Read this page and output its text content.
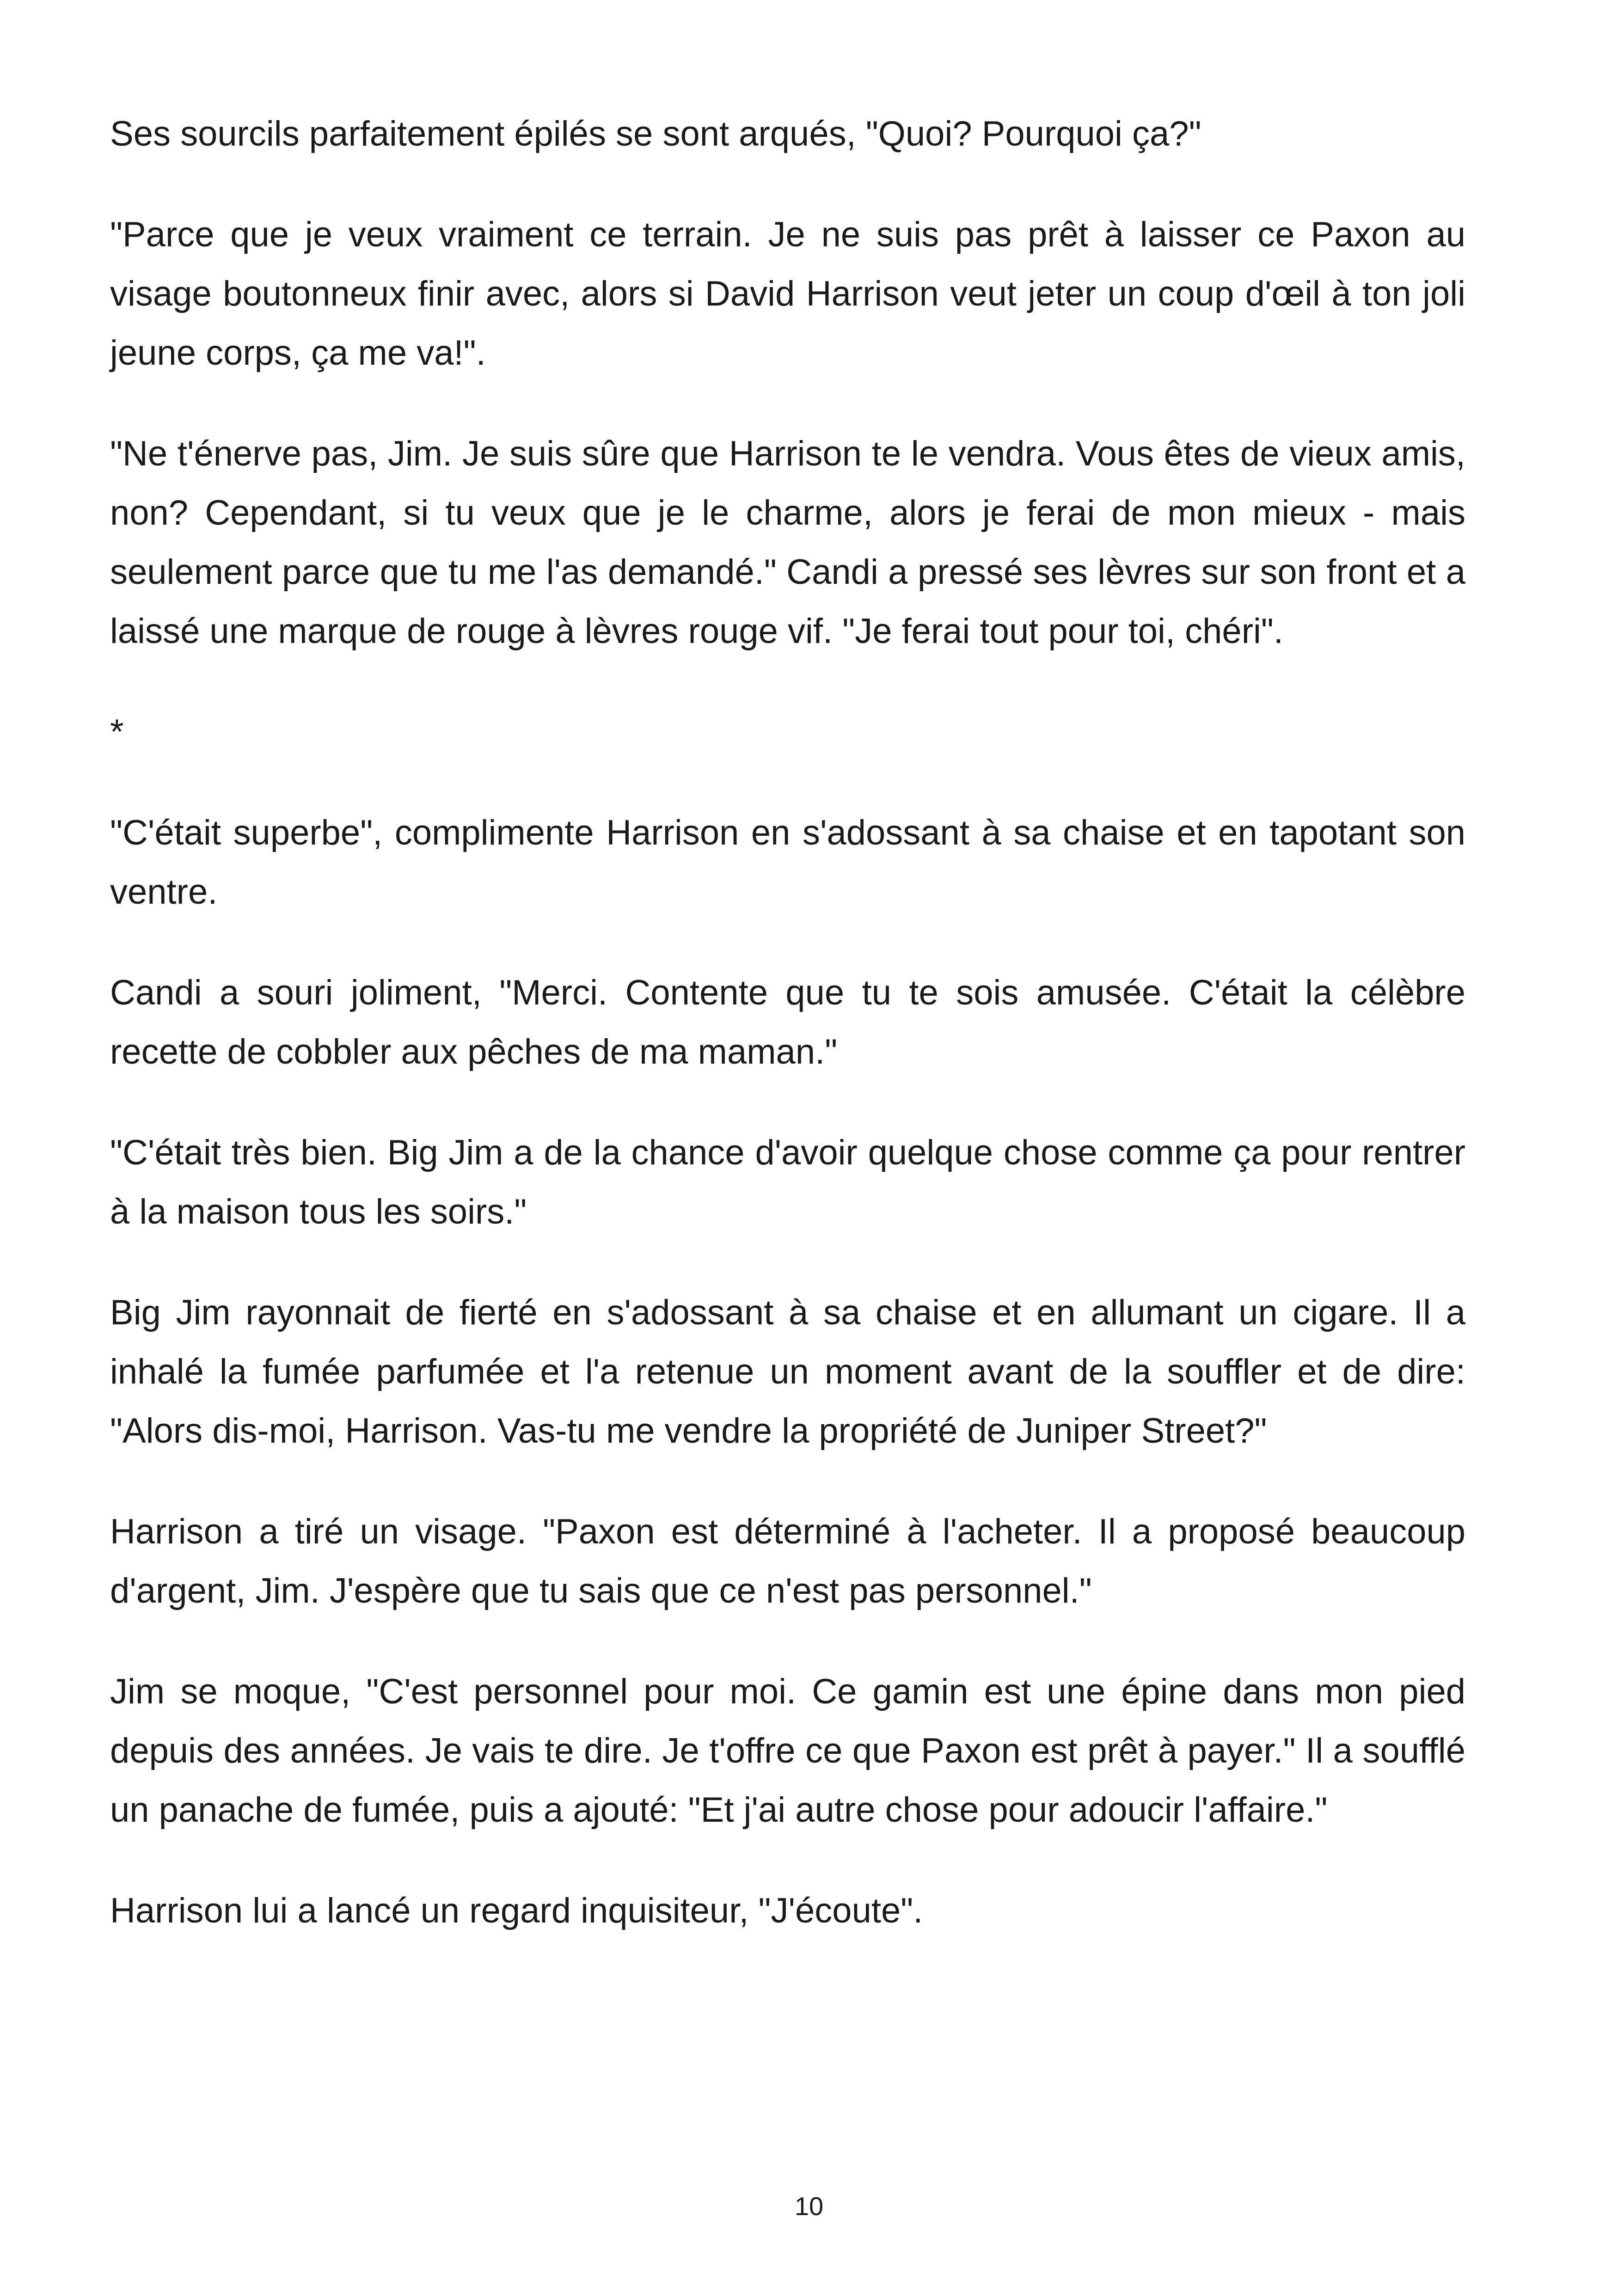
Ses sourcils parfaitement épilés se sont arqués, "Quoi? Pourquoi ça?"

"Parce que je veux vraiment ce terrain. Je ne suis pas prêt à laisser ce Paxon au visage boutonneux finir avec, alors si David Harrison veut jeter un coup d'œil à ton joli jeune corps, ça me va!".

"Ne t'énerve pas, Jim. Je suis sûre que Harrison te le vendra. Vous êtes de vieux amis, non? Cependant, si tu veux que je le charme, alors je ferai de mon mieux - mais seulement parce que tu me l'as demandé." Candi a pressé ses lèvres sur son front et a laissé une marque de rouge à lèvres rouge vif. "Je ferai tout pour toi, chéri".

*

"C'était superbe", complimente Harrison en s'adossant à sa chaise et en tapotant son ventre.

Candi a souri joliment, "Merci. Contente que tu te sois amusée. C'était la célèbre recette de cobbler aux pêches de ma maman."

"C'était très bien. Big Jim a de la chance d'avoir quelque chose comme ça pour rentrer à la maison tous les soirs."

Big Jim rayonnait de fierté en s'adossant à sa chaise et en allumant un cigare. Il a inhalé la fumée parfumée et l'a retenue un moment avant de la souffler et de dire: "Alors dis-moi, Harrison. Vas-tu me vendre la propriété de Juniper Street?"

Harrison a tiré un visage. "Paxon est déterminé à l'acheter. Il a proposé beaucoup d'argent, Jim. J'espère que tu sais que ce n'est pas personnel."

Jim se moque, "C'est personnel pour moi. Ce gamin est une épine dans mon pied depuis des années. Je vais te dire. Je t'offre ce que Paxon est prêt à payer." Il a soufflé un panache de fumée, puis a ajouté: "Et j'ai autre chose pour adoucir l'affaire."

Harrison lui a lancé un regard inquisiteur, "J'écoute".

10
